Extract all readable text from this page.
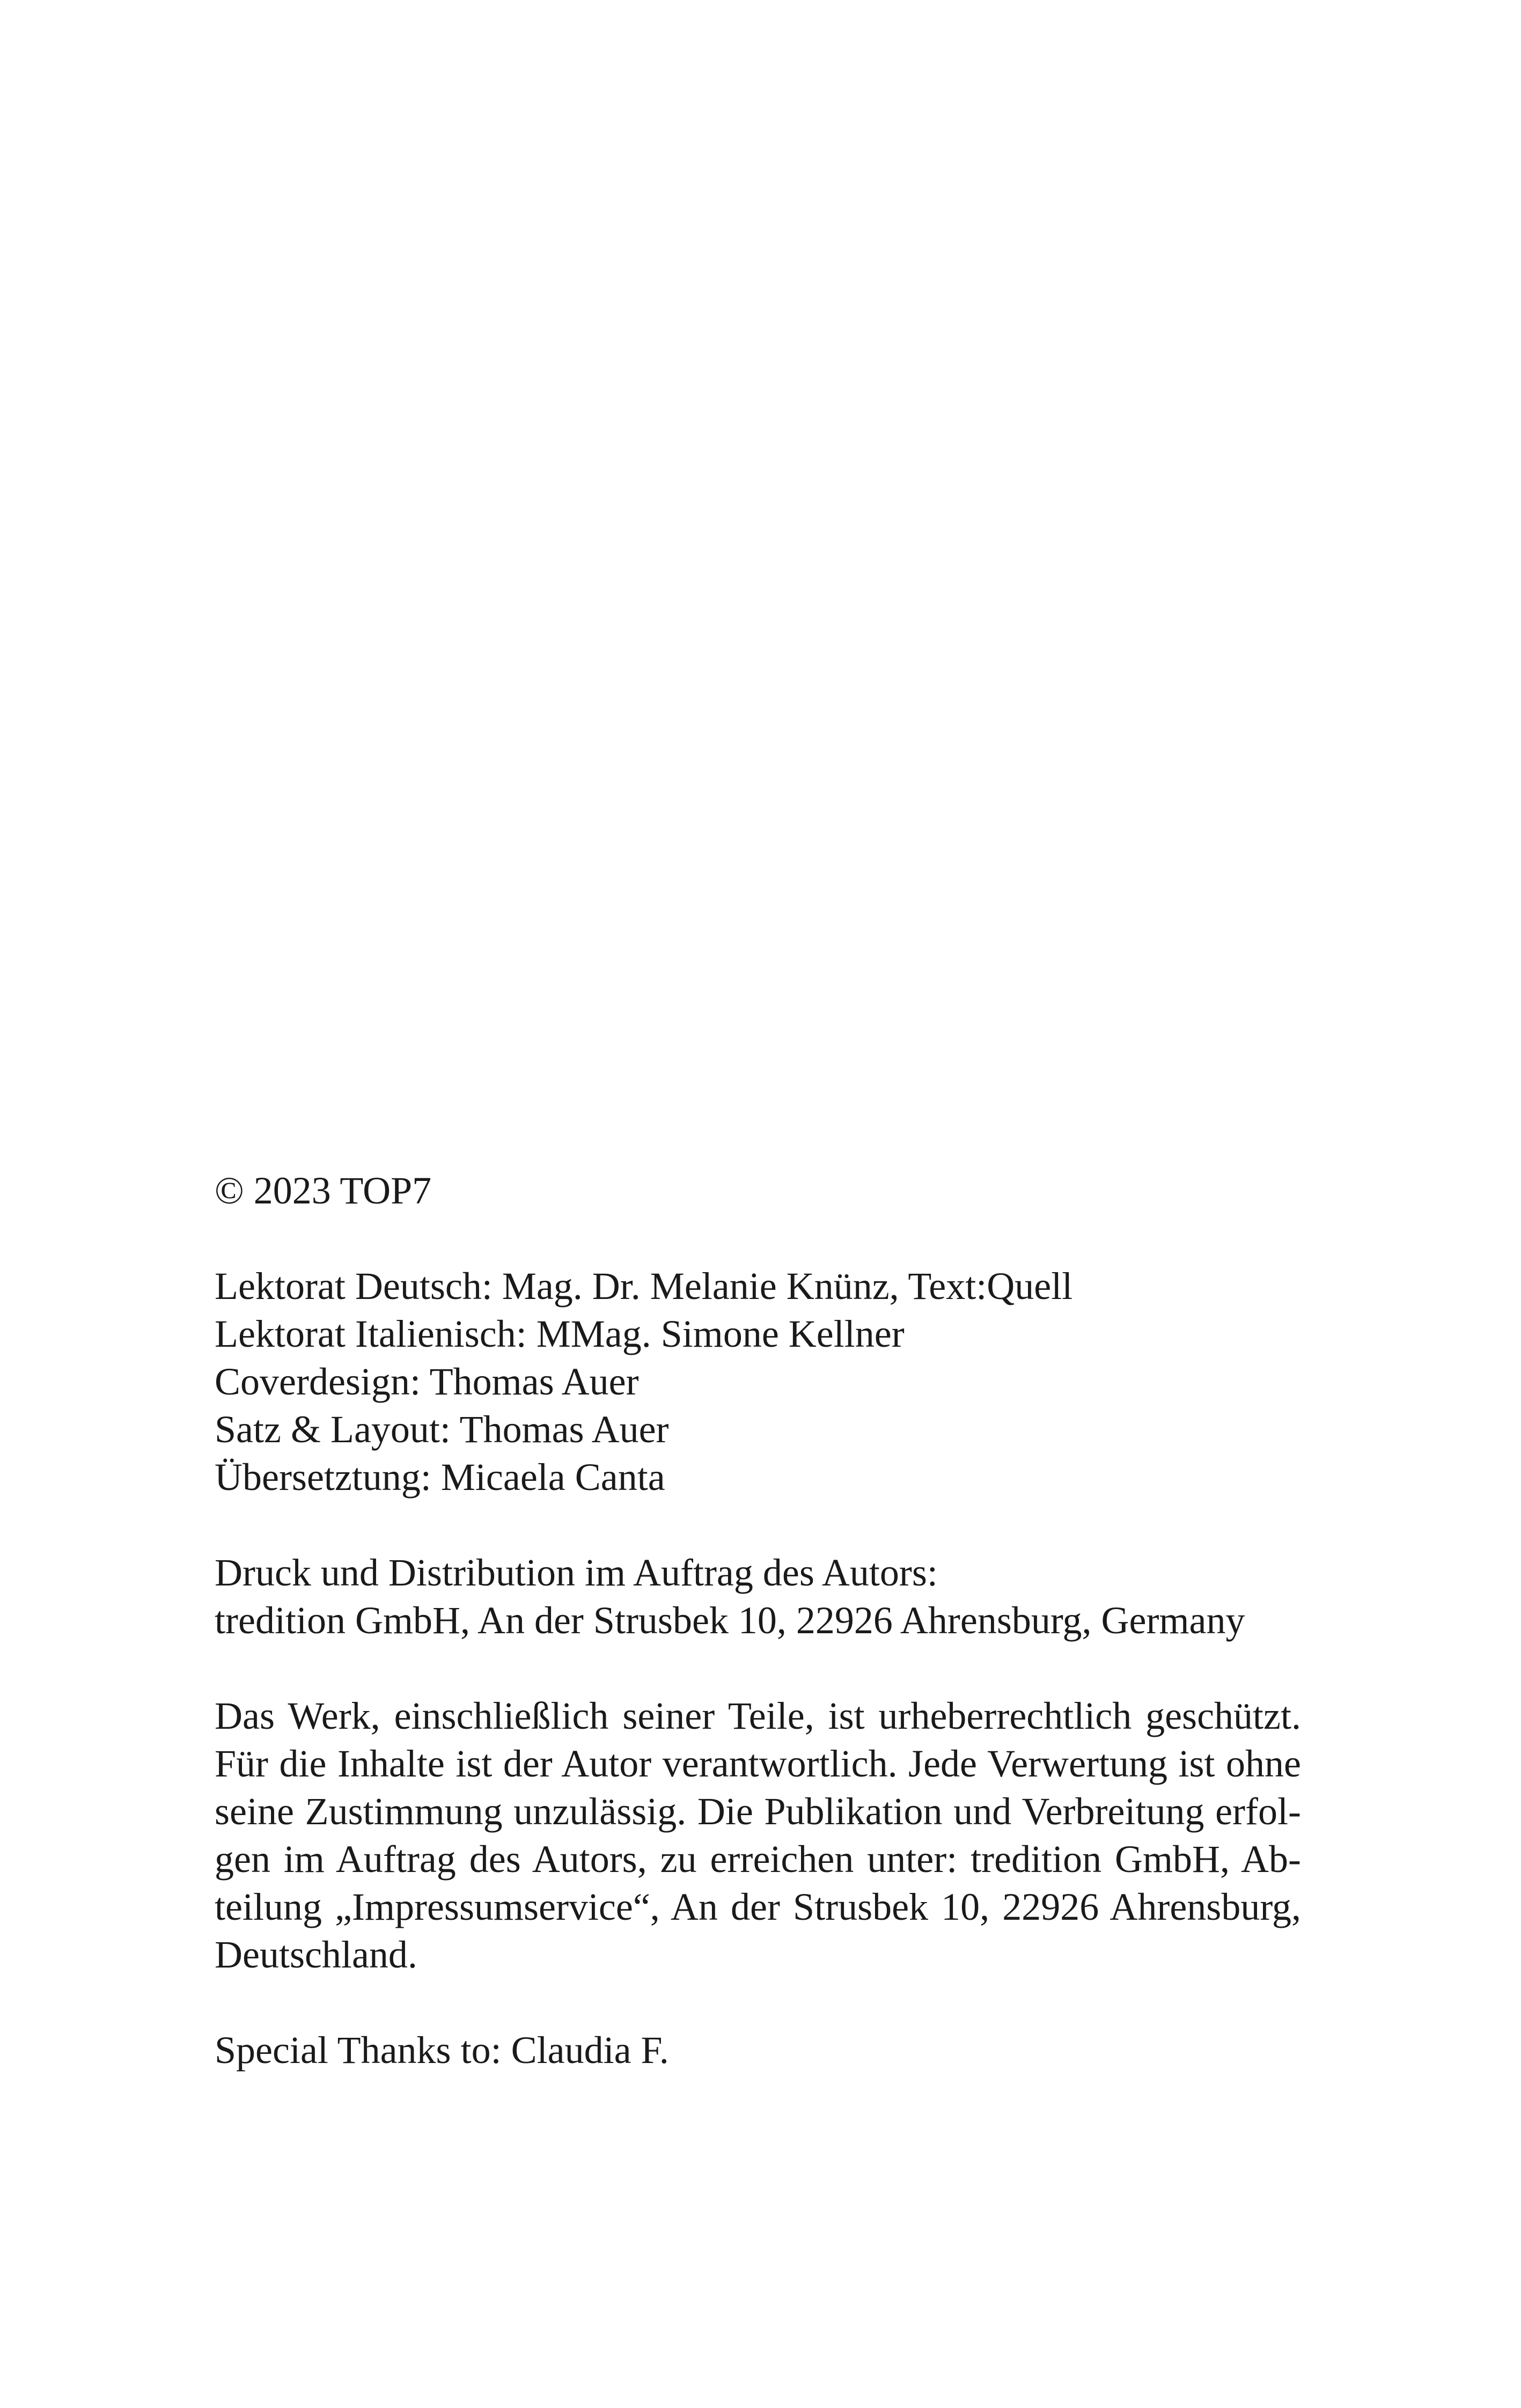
© 2023 TOP7

Lektorat Deutsch: Mag. Dr. Melanie Knünz, Text:Quell
Lektorat Italienisch: MMag. Simone Kellner
Coverdesign: Thomas Auer
Satz & Layout: Thomas Auer
Übersetztung: Micaela Canta

Druck und Distribution im Auftrag des Autors:
tredition GmbH, An der Strusbek 10, 22926 Ahrensburg, Germany

Das Werk, einschließlich seiner Teile, ist urheberrechtlich geschützt.
Für die Inhalte ist der Autor verantwortlich. Jede Verwertung ist ohne
seine Zustimmung unzulässig. Die Publikation und Verbreitung erfol-
gen im Auftrag des Autors, zu erreichen unter: tredition GmbH, Ab-
teilung „Impressumservice“, An der Strusbek 10, 22926 Ahrensburg,
Deutschland.

Special Thanks to: Claudia F.
